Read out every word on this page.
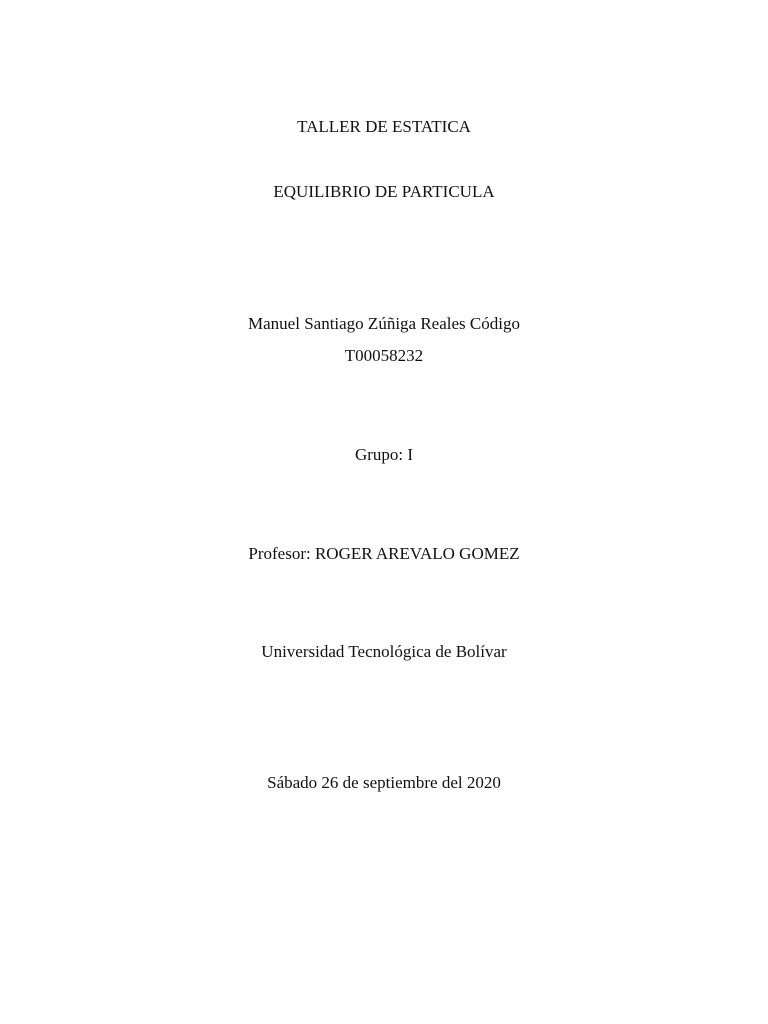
TALLER DE ESTATICA
EQUILIBRIO DE PARTICULA
Manuel Santiago Zúñiga Reales Código
T00058232
Grupo: I
Profesor: ROGER AREVALO GOMEZ
Universidad Tecnológica de Bolívar
Sábado 26 de septiembre del 2020
